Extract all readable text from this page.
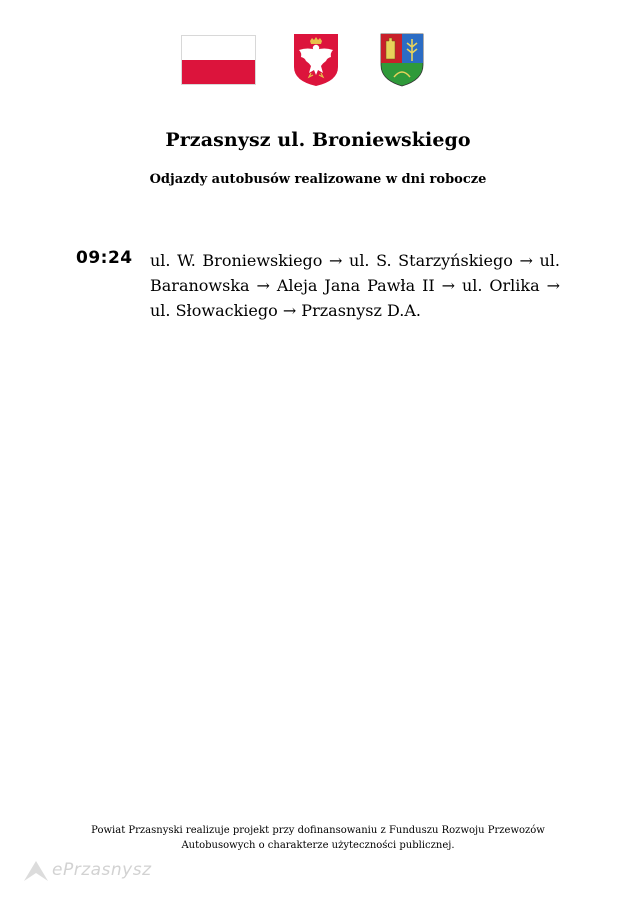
Przasnysz ul. Broniewskiego
Odjazdy autobusów realizowane w dni robocze
09:24 ul. W. Broniewskiego → ul. S. Starzyńskiego → ul. Baranowska → Aleja Jana Pawła II → ul. Orlika → ul. Słowackiego → Przasnysz D.A.
Powiat Przasnyski realizuje projekt przy dofinansowaniu z Funduszu Rozwoju Przewozów
Autobusowych o charakterze użyteczności publicznej.
ePrzasnysz
